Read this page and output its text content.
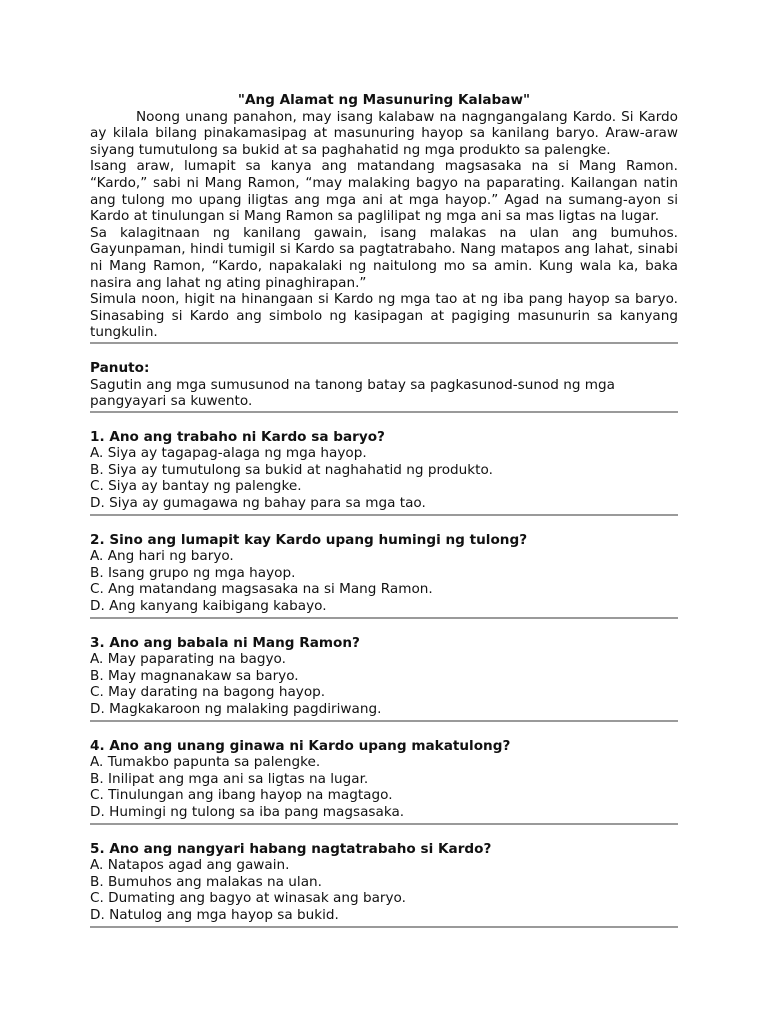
"Ang Alamat ng Masunuring Kalabaw"

Noong unang panahon, may isang kalabaw na nagngangalang Kardo. Si Kardo ay kilala bilang pinakamasipag at masunuring hayop sa kanilang baryo. Araw-araw siyang tumutulong sa bukid at sa paghahatid ng mga produkto sa palengke.

Isang araw, lumapit sa kanya ang matandang magsasaka na si Mang Ramon. “Kardo,” sabi ni Mang Ramon, “may malaking bagyo na paparating. Kailangan natin ang tulong mo upang iligtas ang mga ani at mga hayop.” Agad na sumang-ayon si Kardo at tinulungan si Mang Ramon sa paglilipat ng mga ani sa mas ligtas na lugar.

Sa kalagitnaan ng kanilang gawain, isang malakas na ulan ang bumuhos. Gayunpaman, hindi tumigil si Kardo sa pagtatrabaho. Nang matapos ang lahat, sinabi ni Mang Ramon, “Kardo, napakalaki ng naitulong mo sa amin. Kung wala ka, baka nasira ang lahat ng ating pinaghirapan.”

Simula noon, higit na hinangaan si Kardo ng mga tao at ng iba pang hayop sa baryo. Sinasabing si Kardo ang simbolo ng kasipagan at pagiging masunurin sa kanyang tungkulin.

Panuto:

Sagutin ang mga sumusunod na tanong batay sa pagkasunod-sunod ng mga pangyayari sa kuwento.

1. Ano ang trabaho ni Kardo sa baryo?

A. Siya ay tagapag-alaga ng mga hayop.

B. Siya ay tumutulong sa bukid at naghahatid ng produkto.

C. Siya ay bantay ng palengke.

D. Siya ay gumagawa ng bahay para sa mga tao.

2. Sino ang lumapit kay Kardo upang humingi ng tulong?

A. Ang hari ng baryo.

B. Isang grupo ng mga hayop.

C. Ang matandang magsasaka na si Mang Ramon.

D. Ang kanyang kaibigang kabayo.

3. Ano ang babala ni Mang Ramon?

A. May paparating na bagyo.

B. May magnanakaw sa baryo.

C. May darating na bagong hayop.

D. Magkakaroon ng malaking pagdiriwang.

4. Ano ang unang ginawa ni Kardo upang makatulong?

A. Tumakbo papunta sa palengke.

B. Inilipat ang mga ani sa ligtas na lugar.

C. Tinulungan ang ibang hayop na magtago.

D. Humingi ng tulong sa iba pang magsasaka.

5. Ano ang nangyari habang nagtatrabaho si Kardo?

A. Natapos agad ang gawain.

B. Bumuhos ang malakas na ulan.

C. Dumating ang bagyo at winasak ang baryo.

D. Natulog ang mga hayop sa bukid.
